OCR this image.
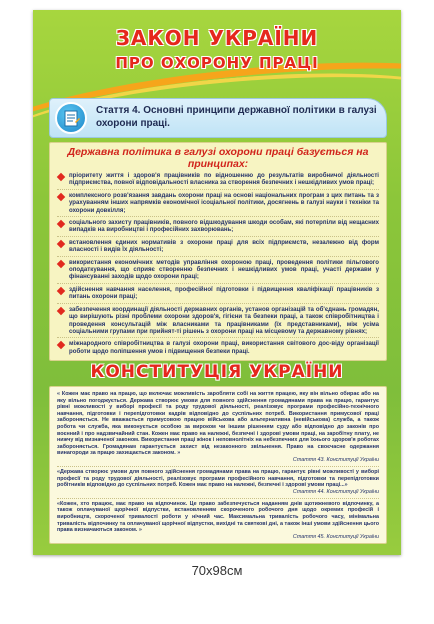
ЗАКОН УКРАЇНИ
ПРО ОХОРОНУ ПРАЦІ
Стаття 4. Основні принципи державної політики в галузі охорони праці.
Державна політика в галузі охорони праці базується на принципах:
пріоритету життя і здоров'я працівників по відношенню до результатів виробничої діяльності підприємства, повної відповідальності власника за створення безпечних і нешкідливих умов праці;
комплексного розв'язання завдань охорони праці на основі національних програм з цих питань та з урахуванням інших напрямків економічної ісоціальної політики, досягнень в галузі науки і техніки та охорони довкілля;
соціального захисту працівників, повного відшкодування шкоди особам, які потерпіли від нещасних випадків на виробництві і професійних захворювань;
встановлення єдиних нормативів з охорони праці для всіх підприємств, незалежно від форм власності і видів їх діяльності;
використання економічних методів управління охороною праці, проведення політики пільгового оподаткування, що сприяє створенню безпечних і нешкідливих умов праці, участі держави у фінансуванні заходів щодо охорони праці;
здійснення навчання населення, професійної підготовки і підвищення кваліфікації працівників з питань охорони праці;
забезпечення координації діяльності державних органів, установ організацій та об'єднань громадян, що вирішують різні проблеми охорони здоров'я, гігієни та безпеки праці, а також співробітництва і проведення консультацій між власниками та працівниками (їх представниками), між усіма соціальними групами при прийнят-ті рішень з охорони праці на місцевому та державному рівнях;
міжнародного співробітництва в галузі охорони праці, використання світового дос-віду організації роботи щодо поліпшення умов і підвищення безпеки праці.
КОНСТИТУЦІЯ УКРАЇНИ
« Кожен має право на працю, що включає можливість заробляти собі на життя працею, яку він вільно обирає або на яку вільно погоджується. Держава створює умови для повного здійснення громадянами права на працю, гарантує рівні можливості у виборі професії та роду трудової діяльності, реалізовує програми професійно-технічного навчання, підготовки і перепідготовки кадрів відповідно до суспільних потреб. Використання примусової праці забороняється. Не вважається примусовою працею військова або альтернативна (невійськова) служба, а також робота чи служба, яка виконується особою за вироком чи іншим рішенням суду або відповідно до законів про воєнний і про надзвичайний стан. Кожен має право на належні, безпечні і здорові умови праці, на заробітну плату, не нижчу від визначеної законом. Використання праці жінок і неповнолітніх на небезпечних для їхнього здоров'я роботах забороняється. Громадянам гарантується захист від незаконного звільнення. Право на своєчасне одержання винагороди за працю захищається законом. »
Стаття 43. Конституції України
«Держава створює умови для повного здійснення громадянами права на працю, гарантує рівні можливості у виборі професії та роду трудової діяльності, реалізовує програми професійного навчання, підготовки та перепідготовки робітників відповідно до суспільних потреб. Кожен має право на належні, безпечні і здорові умови праці...»
Стаття 44. Конституції України
«Кожен, хто працює, має право на відпочинок. Це право забезпечується наданням днів щотижневого відпочинку, а також оплачуваної щорічної відпустки, встановленням скороченого робочого дня щодо окремих професій і виробництв, скороченої тривалості роботи у нічний час. Максимальна тривалість робочого часу, мінімальна тривалість відпочинку та оплачуваної щорічної відпустки, вихідні та святкові дні, а також інші умови здійснення цього права визначаються законом. »
Стаття 45. Конституції України
70х98см
